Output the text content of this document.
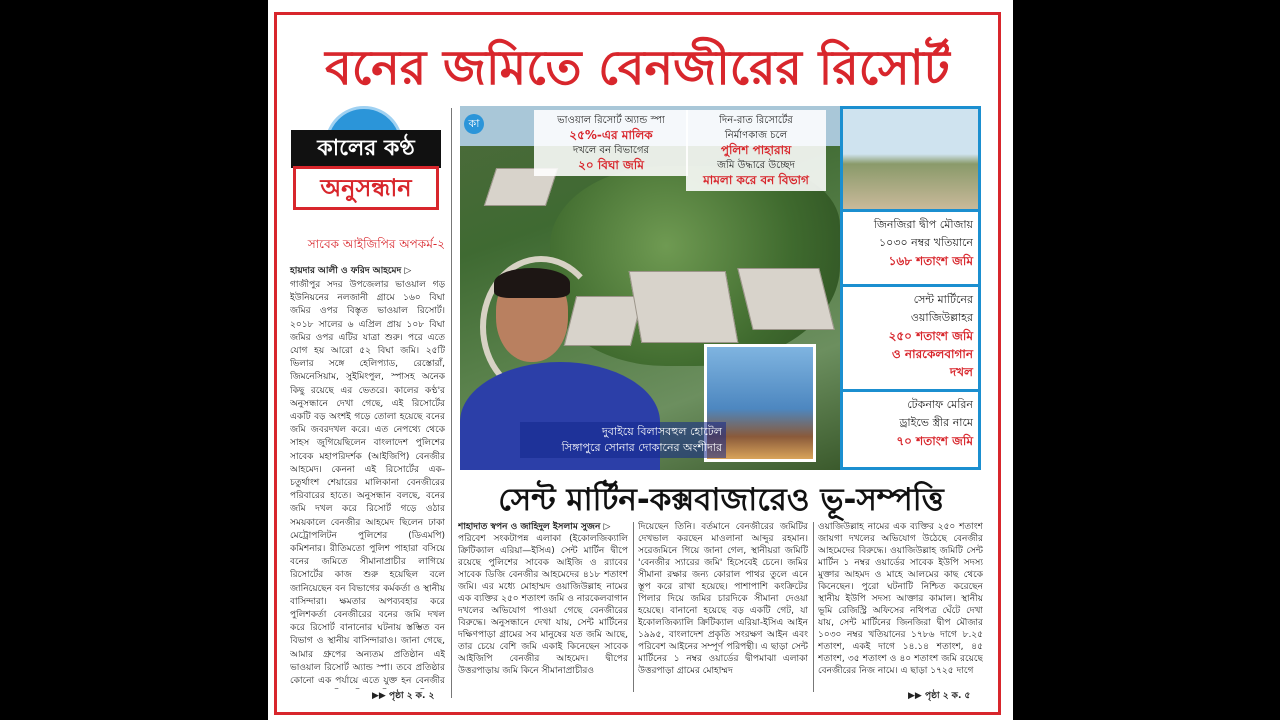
বনের জমিতে বেনজীরের রিসোর্ট
কালের কণ্ঠ
অনুসন্ধান
সাবেক আইজিপির অপকর্ম-২
হায়দার আলী ও ফরিদ আহমেদ ▷
গাজীপুর সদর উপজেলার ভাওয়াল গড় ইউনিয়নের নলজানী গ্রামে ১৬০ বিঘা জমির ওপর বিস্তৃত ভাওয়াল রিসোর্ট। ২০১৮ সালের ৬ এপ্রিল প্রায় ১০৮ বিঘা জমির ওপর এটির যাত্রা শুরু। পরে এতে যোগ হয় আরো ৫২ বিঘা জমি। ২৫টি ভিলার সঙ্গে হেলিপ্যাড, রেস্তোরাঁ, জিমনেসিয়াম, সুইমিংপুল, স্পাসহ অনেক কিছু রয়েছে এর ভেতরে। কালের কণ্ঠ'র অনুসন্ধানে দেখা গেছে, এই রিসোর্টের একটি বড় অংশই গড়ে তোলা হয়েছে বনের জমি জবরদখল করে। এত নেপথ্যে থেকে সাহস জুগিয়েছিলেন বাংলাদেশ পুলিশের সাবেক মহাপরিদর্শক (আইজিপি) বেনজীর আহমেদ। কেননা এই রিসোর্টের এক-চতুর্থাংশ শেয়ারের মালিকানা বেনজীরের পরিবারের হাতে। অনুসন্ধান বলছে, বনের জমি দখল করে রিসোর্ট গড়ে ওঠার সময়কালে বেনজীর আহমেদ ছিলেন ঢাকা মেট্রোপলিটন পুলিশের (ডিএমপি) কমিশনার। রীতিমতো পুলিশ পাহারা বসিয়ে বনের জমিতে সীমানাপ্রাচীর লাগিয়ে রিসোর্টের কাজ শুরু হয়েছিল বলে জানিয়েছেন বন বিভাগের কর্মকর্তা ও স্থানীয় বাসিন্দারা। ক্ষমতার অপব্যবহার করে পুলিশকর্তা বেনজীরের বনের জমি দখল করে রিসোর্ট বানানোর ঘটনায় স্তম্ভিত বন বিভাগ ও স্থানীয় বাসিন্দারাও। জানা গেছে, আমার গ্রুপের অন্যতম প্রতিষ্ঠান এই ভাওয়াল রিসোর্ট অ্যান্ড স্পা। তবে প্রতিষ্ঠার কোনো এক পর্যায়ে এতে যুক্ত হন বেনজীর
▶▶ পৃষ্ঠা ২ ক. ২
কা	ভাওয়াল রিসোর্ট অ্যান্ড স্পা
২৫%-এর মালিক
দখলে বন বিভাগের
২০ বিঘা জমি
দিন-রাত রিসোর্টের
নির্মাণকাজ চলে
পুলিশ পাহারায়
জমি উদ্ধারে উচ্ছেদ
মামলা করে বন বিভাগ
দুবাইয়ে বিলাসবহুল হোটেল
সিঙ্গাপুরে সোনার দোকানের অংশীদার
জিনজিরা দ্বীপ মৌজায়
১০৩০ নম্বর খতিয়ানে
১৬৮ শতাংশ জমি
সেন্ট মার্টিনের
ওয়াজিউল্লাহর
২৫০ শতাংশ জমি
ও নারকেলবাগান
দখল
টেকনাফ মেরিন
ড্রাইভে স্ত্রীর নামে
৭০ শতাংশ জমি
সেন্ট মার্টিন-কক্সবাজারেও ভূ-সম্পত্তি
শাহাদাত স্বপন ও জাহিদুল ইসলাম সুজন ▷
পরিবেশ সংকটাপন্ন এলাকা (ইকোলজিক্যালি ক্রিটিক্যাল এরিয়া—ইসিএ) সেন্ট মার্টিন দ্বীপে রয়েছে পুলিশের সাবেক আইজি ও র‍্যাবের সাবেক ডিজি বেনজীর আহমেদের ৪১৮ শতাংশ জমি। এর মধ্যে মোহাম্মদ ওয়াজিউল্লাহ নামের এক ব্যক্তির ২৫০ শতাংশ জমি ও নারকেলবাগান দখলের অভিযোগ পাওয়া গেছে বেনজীরের বিরুদ্ধে। অনুসন্ধানে দেখা যায়, সেন্ট মার্টিনের দক্ষিণপাড়া গ্রামের সব মানুষের যত জমি আছে, তার চেয়ে বেশি জমি একাই কিনেছেন সাবেক আইজিপি বেনজীর আহমেদ। দ্বীপের উত্তরপাড়ায় জমি কিনে সীমানাপ্রাচীরও
দিয়েছেন তিনি। বর্তমানে বেনজীরের জমিটির দেখভাল করছেন মাওলানা আব্দুর রহমান। সরেজমিনে গিয়ে জানা গেল, স্থানীয়রা জমিটি 'বেনজীর স্যারের জমি' হিসেবেই চেনে। জমির সীমানা রক্ষার জন্য কোরাল পাথর তুলে এনে স্তূপ করে রাখা হয়েছে। পাশাপাশি কংক্রিটের পিলার দিয়ে জমির চারদিকে সীমানা দেওয়া হয়েছে। বানানো হয়েছে বড় একটি গেট, যা ইকোলজিক্যালি ক্রিটিক্যাল এরিয়া-ইসিএ আইন ১৯৯৫, বাংলাদেশ প্রকৃতি সংরক্ষণ আইন এবং পরিবেশ আইনের সম্পূর্ণ পরিপন্থী। এ ছাড়া সেন্ট মার্টিনের ১ নম্বর ওয়ার্ডের দ্বীপমাঝা এলাকা উত্তরপাড়া গ্রামের মোহাম্মদ
ওয়াজিউল্লাহ নামের এক ব্যক্তির ২৫০ শতাংশ জায়গা দখলের অভিযোগ উঠেছে বেনজীর আহমেদের বিরুদ্ধে। ওয়াজিউল্লাহ জমিটি সেন্ট মার্টিন ১ নম্বর ওয়ার্ডের সাবেক ইউপি সদস্য মুক্তার আহমদ ও মাহে আলমের কাছ থেকে কিনেছেন। পুরো ঘটনাটি নিশ্চিত করেছেন স্থানীয় ইউপি সদস্য আক্তার কামাল। স্থানীয় ভূমি রেজিস্ট্রি অফিসের নথিপত্র ঘেঁটে দেখা যায়, সেন্ট মার্টিনের জিনজিরা দ্বীপ মৌজার ১০৩০ নম্বর খতিয়ানের ১৭৮৬ দাগে ৮.২৫ শতাংশ, একই দাগে ১৪.১৪ শতাংশ, ৪৫ শতাংশ, ৩৫ শতাংশ ও ৪০ শতাংশ জমি রয়েছে বেনজীরের নিজ নামে। এ ছাড়া ১৭২৫ দাগে
▶▶ পৃষ্ঠা ২ ক. ৫
